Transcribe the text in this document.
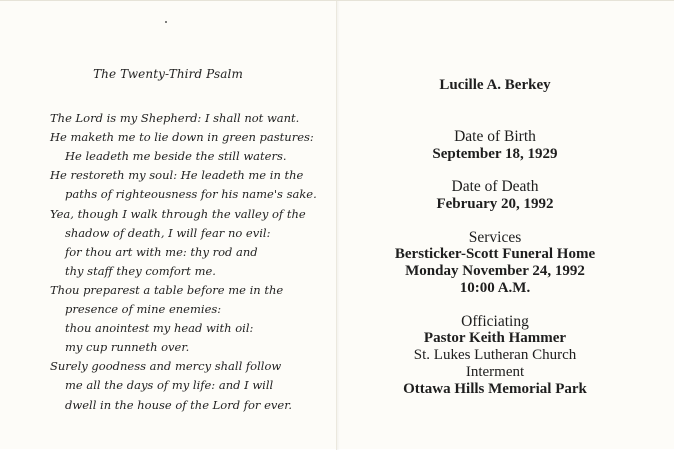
The Twenty-Third Psalm
The Lord is my Shepherd: I shall not want.
He maketh me to lie down in green pastures:
He leadeth me beside the still waters.
He restoreth my soul: He leadeth me in the
paths of righteousness for his name's sake.
Yea, though I walk through the valley of the
shadow of death, I will fear no evil:
for thou art with me: thy rod and
thy staff they comfort me.
Thou preparest a table before me in the
presence of mine enemies:
thou anointest my head with oil:
my cup runneth over.
Surely goodness and mercy shall follow
me all the days of my life: and I will
dwell in the house of the Lord for ever.
Lucille A. Berkey
Date of Birth
September 18, 1929
Date of Death
February 20, 1992
Services
Bersticker-Scott Funeral Home
Monday November 24, 1992
10:00 A.M.
Officiating
Pastor Keith Hammer
St. Lukes Lutheran Church
Interment
Ottawa Hills Memorial Park
